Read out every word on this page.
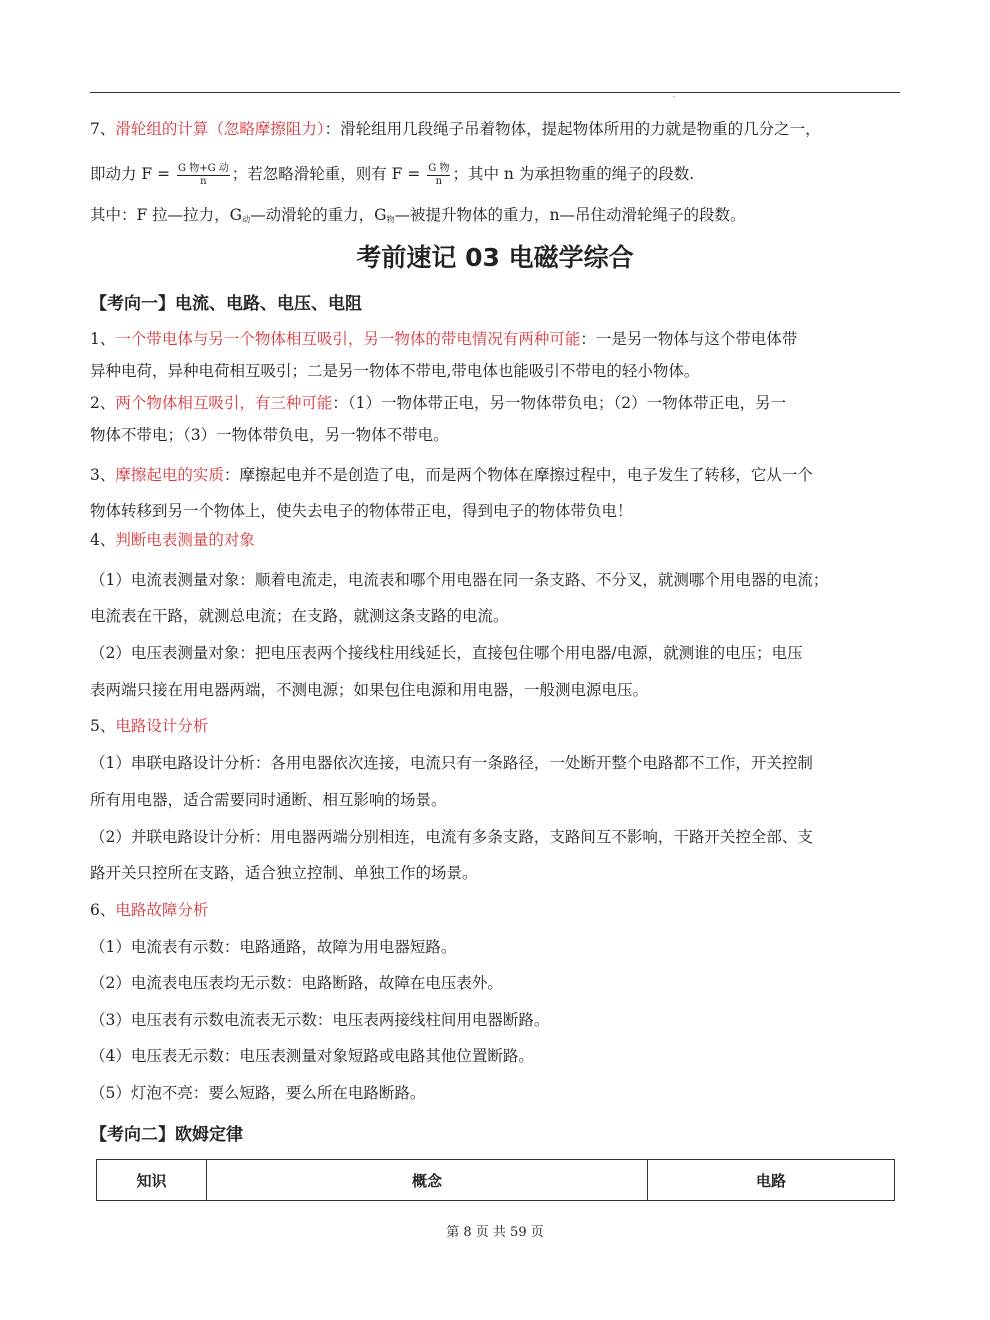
ˇ
7、滑轮组的计算（忽略摩擦阻力）：滑轮组用几段绳子吊着物体，提起物体所用的力就是物重的几分之一，
即动力 $F = \frac{\text{G 物+G 动}}{n}$ ；若忽略滑轮重，则有 $F = \frac{\text{G 物}}{n}$ ；其中 n 为承担物重的绳子的段数.
其中：F 拉—拉力，$G_动—$动滑轮的重力，$G_物—$被提升物体的重力，n—吊住动滑轮绳子的段数。
考前速记 03 电磁学综合
【考向一】电流、电路、电压、电阻
1、一个带电体与另一个物体相互吸引，另一物体的带电情况有两种可能：一是另一物体与这个带电体带
异种电荷，异种电荷相互吸引；二是另一物体不带电,带电体也能吸引不带电的轻小物体。
2、两个物体相互吸引，有三种可能：（1）一物体带正电，另一物体带负电；（2）一物体带正电，另一
物体不带电；（3）一物体带负电，另一物体不带电。
3、摩擦起电的实质：摩擦起电并不是创造了电，而是两个物体在摩擦过程中，电子发生了转移，它从一个
物体转移到另一个物体上，使失去电子的物体带正电，得到电子的物体带负电！
4、判断电表测量的对象
（1）电流表测量对象：顺着电流走，电流表和哪个用电器在同一条支路、不分叉，就测哪个用电器的电流；
电流表在干路，就测总电流；在支路，就测这条支路的电流。
（2）电压表测量对象：把电压表两个接线柱用线延长，直接包住哪个用电器/电源，就测谁的电压；电压
表两端只接在用电器两端，不测电源；如果包住电源和用电器，一般测电源电压。
5、电路设计分析
（1）串联电路设计分析：各用电器依次连接，电流只有一条路径，一处断开整个电路都不工作，开关控制
所有用电器，适合需要同时通断、相互影响的场景。
（2）并联电路设计分析：用电器两端分别相连，电流有多条支路，支路间互不影响，干路开关控全部、支
路开关只控所在支路，适合独立控制、单独工作的场景。
6、电路故障分析
（1）电流表有示数：电路通路，故障为用电器短路。
（2）电流表电压表均无示数：电路断路，故障在电压表外。
（3）电压表有示数电流表无示数：电压表两接线柱间用电器断路。
（4）电压表无示数：电压表测量对象短路或电路其他位置断路。
（5）灯泡不亮：要么短路，要么所在电路断路。
【考向二】欧姆定律
知识	概念	电路
第 8 页 共 59 页
